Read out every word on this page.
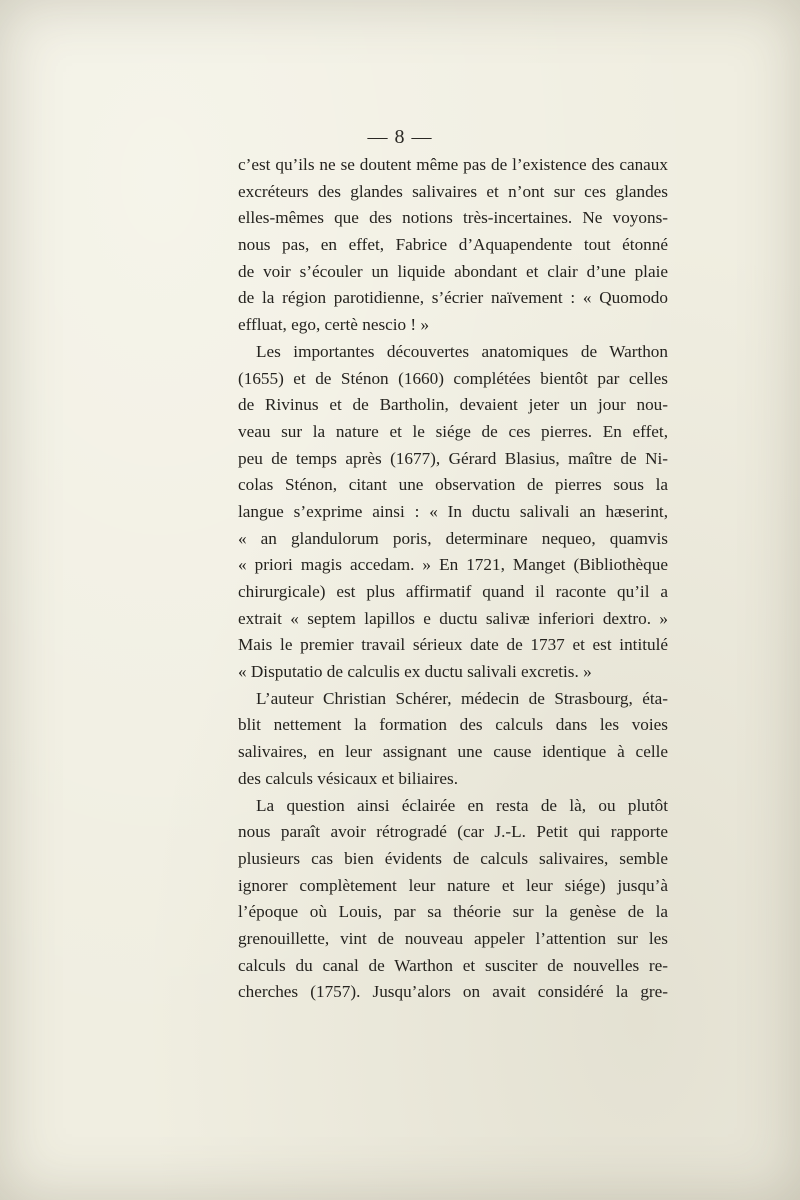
— 8 —
c’est qu’ils ne se doutent même pas de l’existence des canaux
excréteurs des glandes salivaires et n’ont sur ces glandes
elles-mêmes que des notions très-incertaines. Ne voyons-
nous pas, en effet, Fabrice d’Aquapendente tout étonné
de voir s’écouler un liquide abondant et clair d’une plaie
de la région parotidienne, s’écrier naïvement : « Quomodo
effluat, ego, certè nescio ! »
Les importantes découvertes anatomiques de Warthon
(1655) et de Sténon (1660) complétées bientôt par celles
de Rivinus et de Bartholin, devaient jeter un jour nou-
veau sur la nature et le siége de ces pierres. En effet,
peu de temps après (1677), Gérard Blasius, maître de Ni-
colas Sténon, citant une observation de pierres sous la
langue s’exprime ainsi : « In ductu salivali an hæserint,
« an glandulorum poris, determinare nequeo, quamvis
« priori magis accedam. » En 1721, Manget (Bibliothèque
chirurgicale) est plus affirmatif quand il raconte qu’il a
extrait « septem lapillos e ductu salivæ inferiori dextro. »
Mais le premier travail sérieux date de 1737 et est intitulé
« Disputatio de calculis ex ductu salivali excretis. »
L’auteur Christian Schérer, médecin de Strasbourg, éta-
blit nettement la formation des calculs dans les voies
salivaires, en leur assignant une cause identique à celle
des calculs vésicaux et biliaires.
La question ainsi éclairée en resta de là, ou plutôt
nous paraît avoir rétrogradé (car J.-L. Petit qui rapporte
plusieurs cas bien évidents de calculs salivaires, semble
ignorer complètement leur nature et leur siége) jusqu’à
l’époque où Louis, par sa théorie sur la genèse de la
grenouillette, vint de nouveau appeler l’attention sur les
calculs du canal de Warthon et susciter de nouvelles re-
cherches (1757). Jusqu’alors on avait considéré la gre-
